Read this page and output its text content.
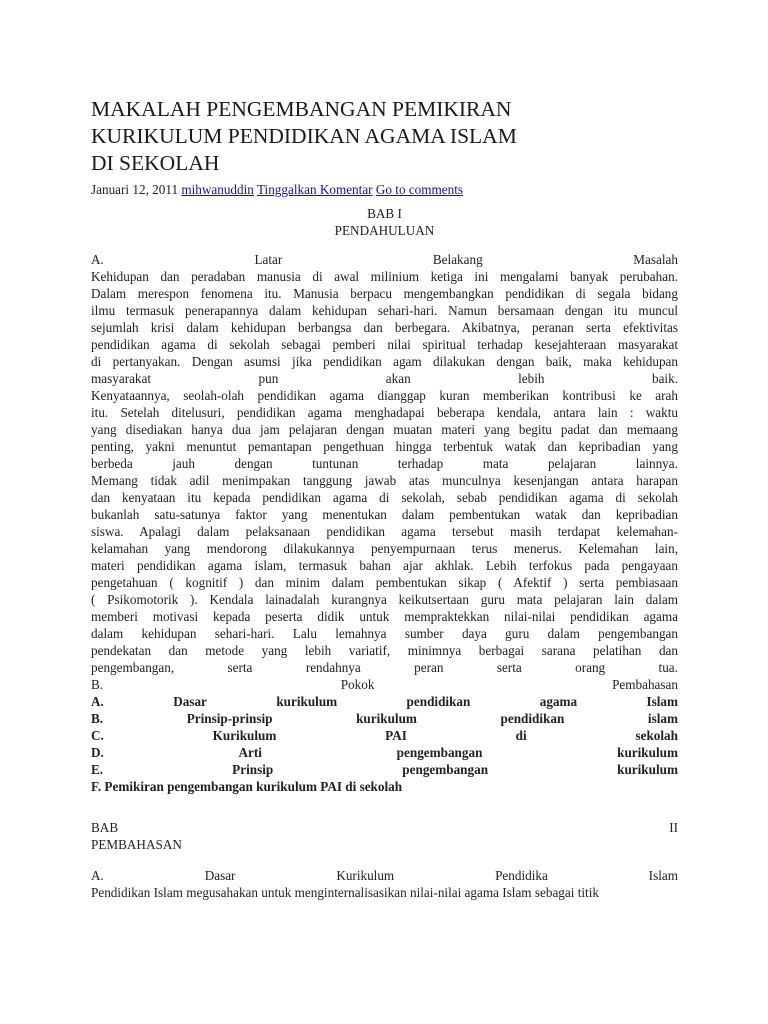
MAKALAH PENGEMBANGAN PEMIKIRAN
KURIKULUM PENDIDIKAN AGAMA ISLAM
DI SEKOLAH
Januari 12, 2011 mihwanuddin Tinggalkan Komentar Go to comments
BAB I
PENDAHULUAN
A.	Latar	Belakang	Masalah
Kehidupan dan peradaban manusia di awal milinium ketiga ini mengalami banyak perubahan.
Dalam merespon fenomena itu. Manusia berpacu mengembangkan pendidikan di segala bidang
ilmu termasuk penerapannya dalam kehidupan sehari-hari. Namun bersamaan dengan itu muncul
sejumlah krisi dalam kehidupan berbangsa dan berbegara. Akibatnya, peranan serta efektivitas
pendidikan agama di sekolah sebagai pemberi nilai spiritual terhadap kesejahteraan masyarakat
di pertanyakan. Dengan asumsi jika pendidikan agam dilakukan dengan baik, maka kehidupan
masyarakat	pun	akan	lebih	baik.
Kenyataannya, seolah-olah pendidikan agama dianggap kuran memberikan kontribusi ke arah
itu. Setelah ditelusuri, pendidikan agama menghadapai beberapa kendala, antara lain : waktu
yang disediakan hanya dua jam pelajaran dengan muatan materi yang begitu padat dan memaang
penting, yakni menuntut pemantapan pengethuan hingga terbentuk watak dan kepribadian yang
berbeda	jauh	dengan	tuntunan	terhadap	mata	pelajaran	lainnya.
Memang tidak adil menimpakan tanggung jawab atas munculnya kesenjangan antara harapan
dan kenyataan itu kepada pendidikan agama di sekolah, sebab pendidikan agama di sekolah
bukanlah satu-satunya faktor yang menentukan dalam pembentukan watak dan kepribadian
siswa. Apalagi dalam pelaksanaan pendidikan agama tersebut masih terdapat kelemahan-
kelamahan yang mendorong dilakukannya penyempurnaan terus menerus. Kelemahan lain,
materi pendidikan agama islam, termasuk bahan ajar akhlak. Lebih terfokus pada pengayaan
pengetahuan ( kognitif ) dan minim dalam pembentukan sikap ( Afektif ) serta pembiasaan
( Psikomotorik ). Kendala lainadalah kurangnya keikutsertaan guru mata pelajaran lain dalam
memberi motivasi kepada peserta didik untuk mempraktekkan nilai-nilai pendidikan agama
dalam kehidupan sehari-hari. Lalu lemahnya sumber daya guru dalam pengembangan
pendekatan dan metode yang lebih variatif, minimnya berbagai sarana pelatihan dan
pengembangan,	serta	rendahnya	peran	serta	orang	tua.
B.	Pokok	Pembahasan
A.	Dasar	kurikulum	pendidikan	agama	Islam
B.	Prinsip-prinsip	kurikulum	pendidikan	islam
C.	Kurikulum	PAI	di	sekolah
D.	Arti	pengembangan	kurikulum
E.	Prinsip	pengembangan	kurikulum
F. Pemikiran pengembangan kurikulum PAI di sekolah
BAB	II
PEMBAHASAN
A.	Dasar	Kurikulum	Pendidika	Islam
Pendidikan Islam megusahakan untuk menginternalisasikan nilai-nilai agama Islam sebagai titik
